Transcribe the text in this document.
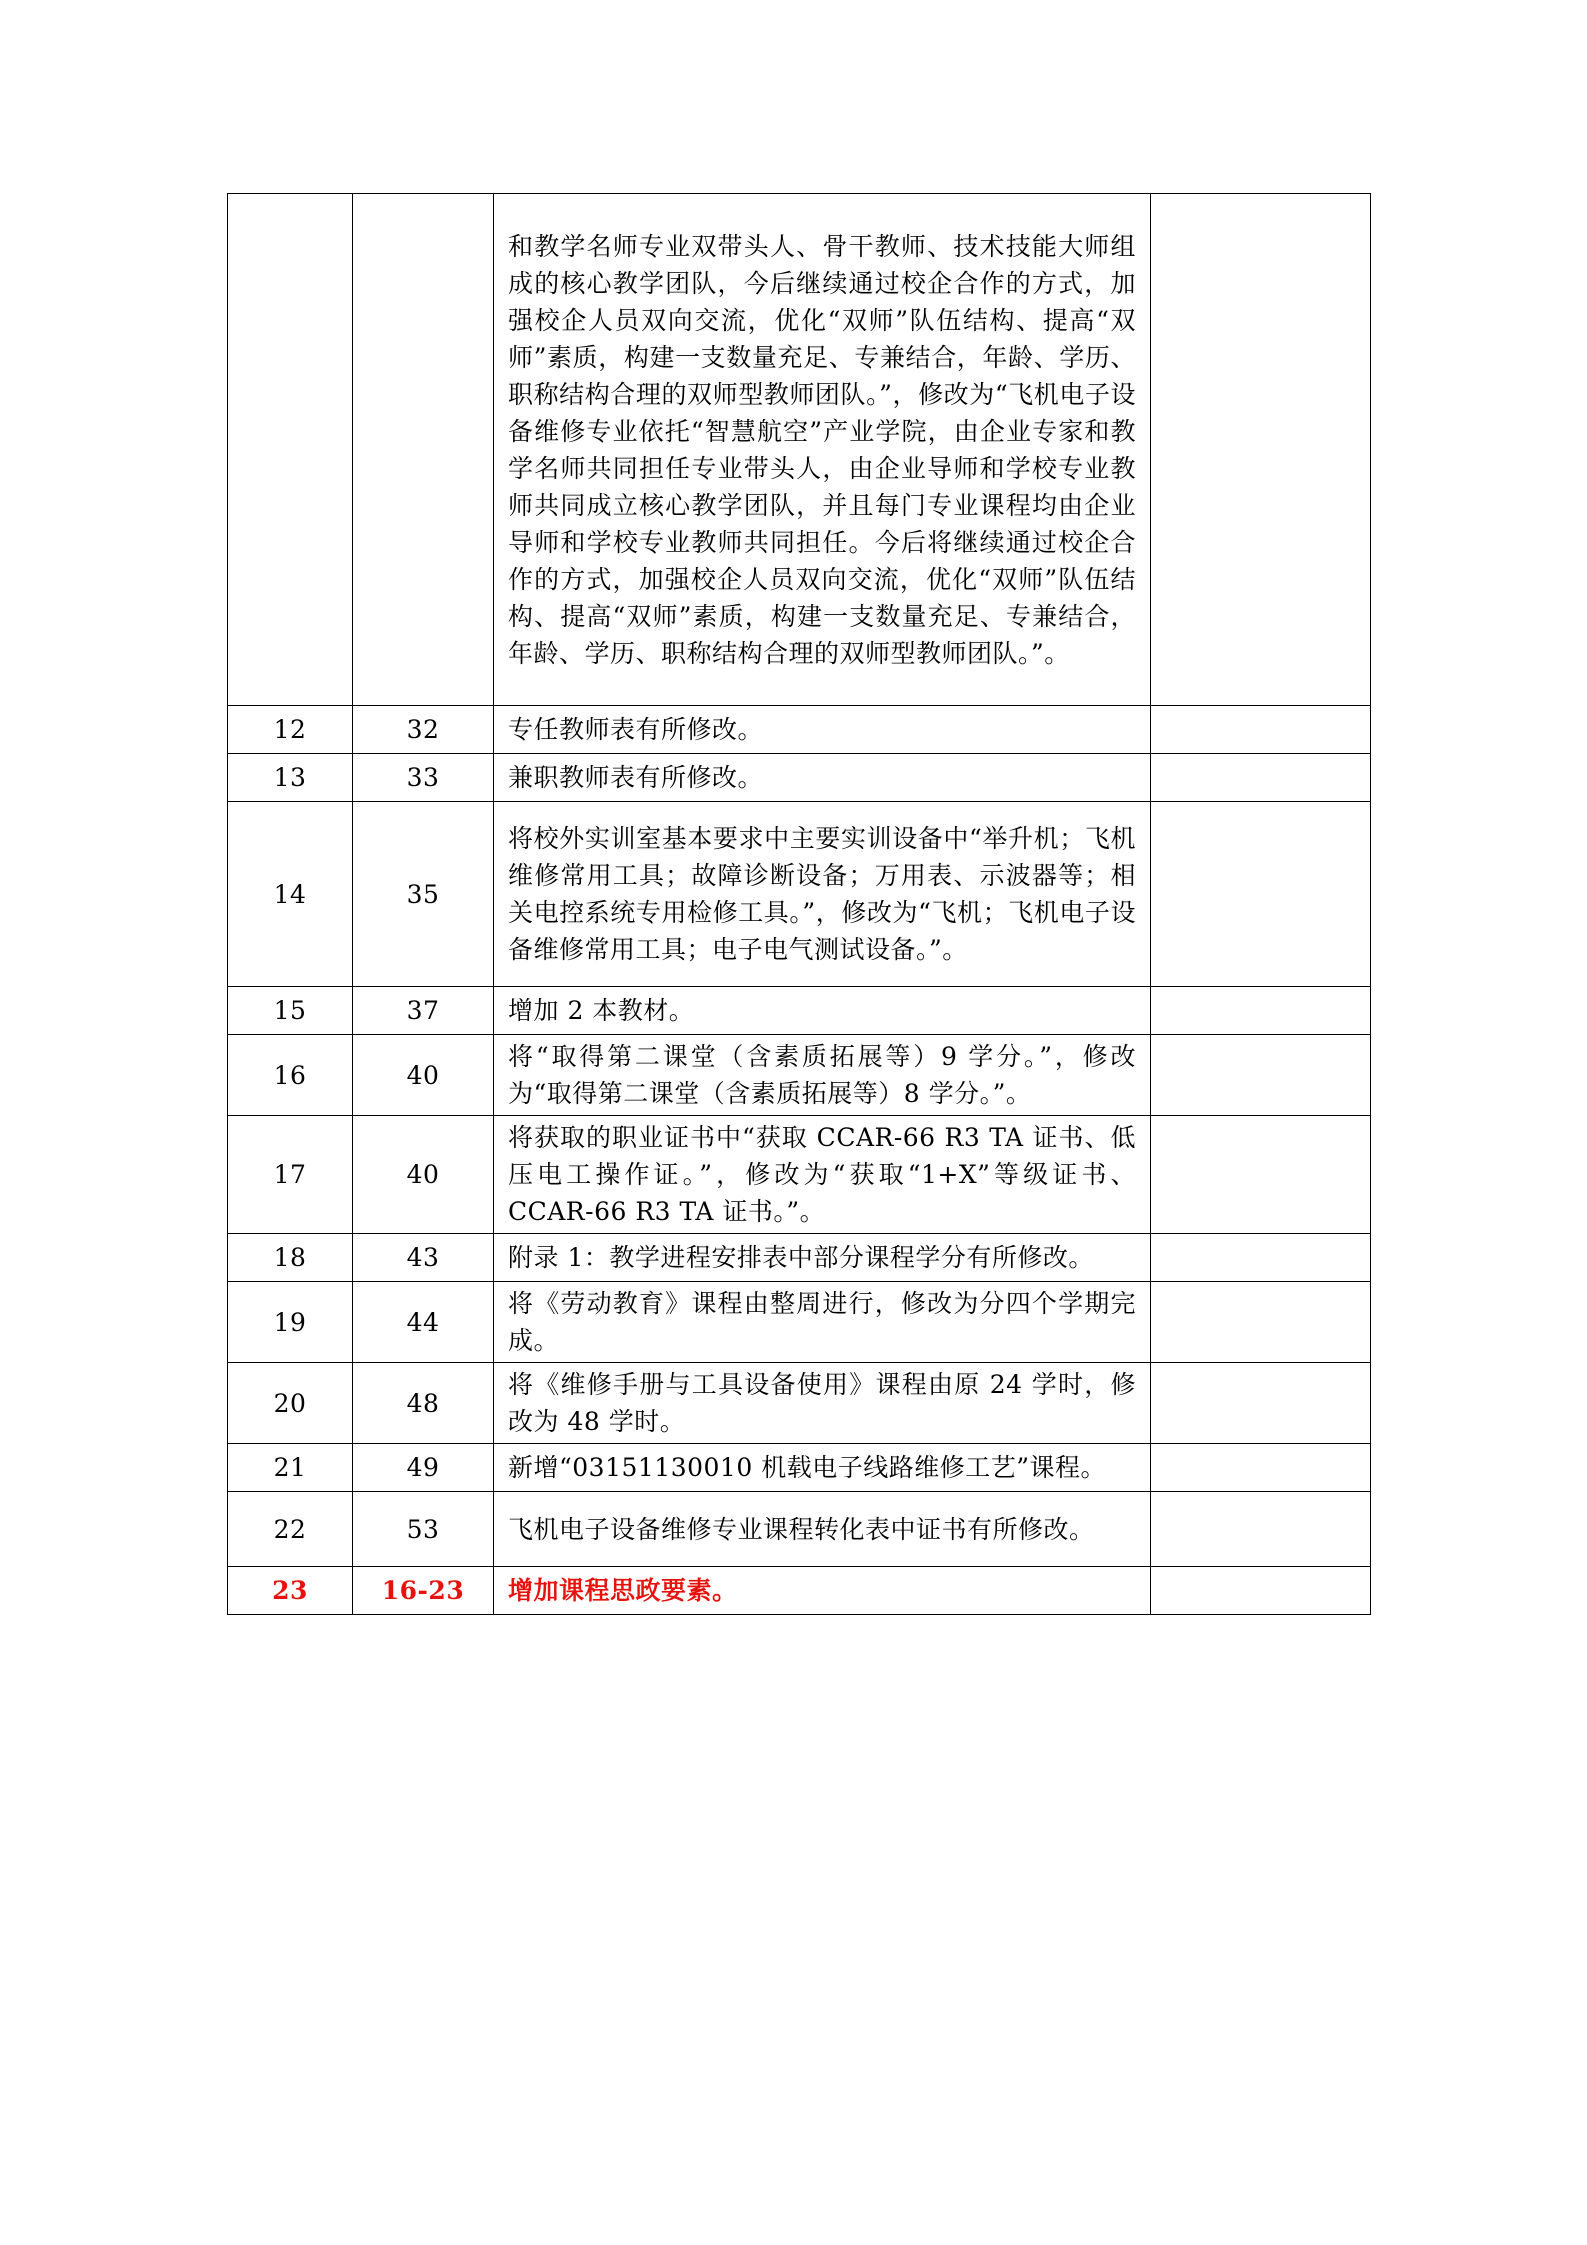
		和教学名师专业双带头人、骨干教师、技术技能大师组成的核心教学团队，今后继续通过校企合作的方式，加强校企人员双向交流，优化“双师”队伍结构、提高“双师”素质，构建一支数量充足、专兼结合，年龄、学历、职称结构合理的双师型教师团队。”，修改为“飞机电子设备维修专业依托“智慧航空”产业学院，由企业专家和教学名师共同担任专业带头人，由企业导师和学校专业教师共同成立核心教学团队，并且每门专业课程均由企业导师和学校专业教师共同担任。今后将继续通过校企合作的方式，加强校企人员双向交流，优化“双师”队伍结构、提高“双师”素质，构建一支数量充足、专兼结合，年龄、学历、职称结构合理的双师型教师团队。”。	
12	32	专任教师表有所修改。	
13	33	兼职教师表有所修改。	
14	35	将校外实训室基本要求中主要实训设备中“举升机；飞机维修常用工具；故障诊断设备；万用表、示波器等；相关电控系统专用检修工具。”，修改为“飞机；飞机电子设备维修常用工具；电子电气测试设备。”。	
15	37	增加 2 本教材。	
16	40	将“取得第二课堂（含素质拓展等）9 学分。”，修改为“取得第二课堂（含素质拓展等）8 学分。”。	
17	40	将获取的职业证书中“获取 CCAR-66 R3 TA 证书、低压电工操作证。”，修改为“获取“1+X”等级证书、CCAR-66 R3 TA 证书。”。	
18	43	附录 1：教学进程安排表中部分课程学分有所修改。	
19	44	将《劳动教育》课程由整周进行，修改为分四个学期完成。	
20	48	将《维修手册与工具设备使用》课程由原 24 学时，修改为 48 学时。	
21	49	新增“03151130010 机载电子线路维修工艺”课程。	
22	53	飞机电子设备维修专业课程转化表中证书有所修改。	
23	16-23	增加课程思政要素。	
